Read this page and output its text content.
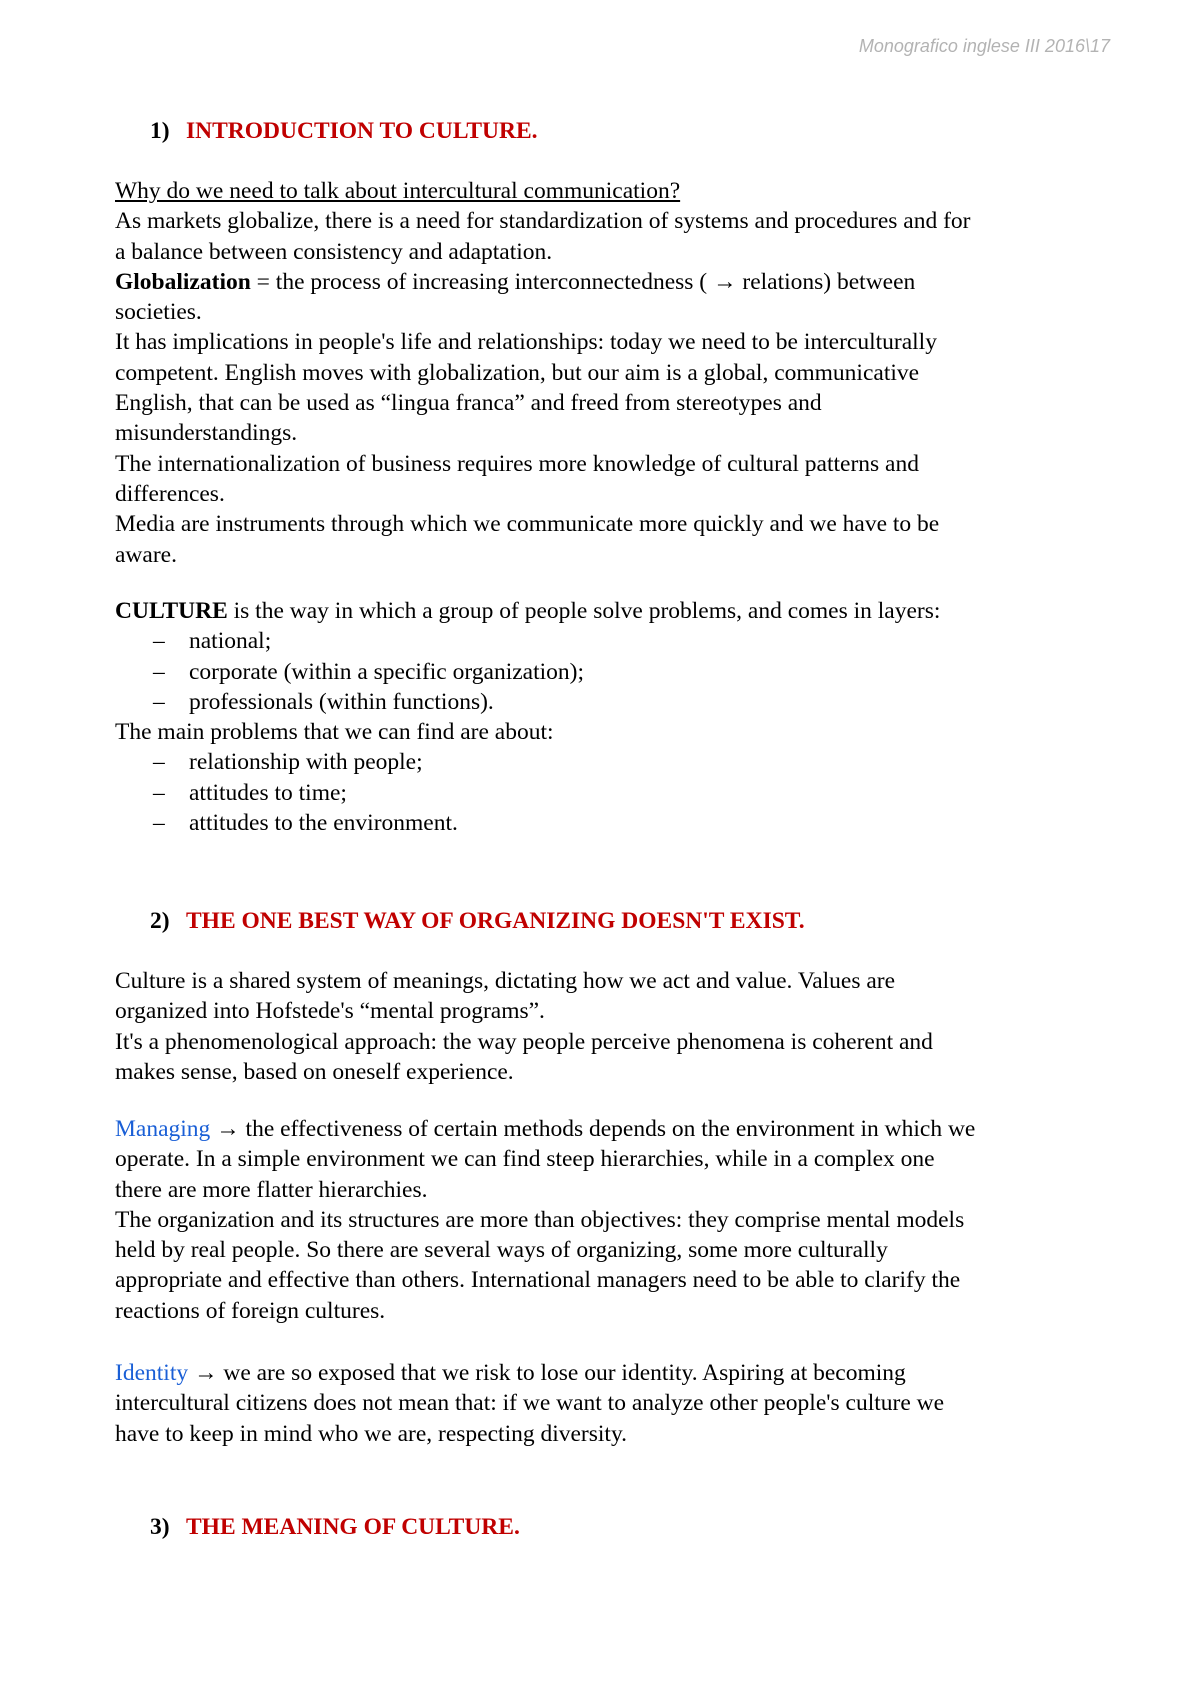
Monografico inglese III 2016\17
1) INTRODUCTION TO CULTURE.

Why do we need to talk about intercultural communication?

As markets globalize, there is a need for standardization of systems and procedures and for

a balance between consistency and adaptation.

Globalization = the process of increasing interconnectedness ( → relations) between

societies.

It has implications in people's life and relationships: today we need to be interculturally

competent. English moves with globalization, but our aim is a global, communicative

English, that can be used as “lingua franca” and freed from stereotypes and

misunderstandings.

The internationalization of business requires more knowledge of cultural patterns and

differences.

Media are instruments through which we communicate more quickly and we have to be

aware.

CULTURE is the way in which a group of people solve problems, and comes in layers:

– national;
– corporate (within a specific organization);
– professionals (within functions).

The main problems that we can find are about:

– relationship with people;
– attitudes to time;
– attitudes to the environment.
2) THE ONE BEST WAY OF ORGANIZING DOESN'T EXIST.

Culture is a shared system of meanings, dictating how we act and value. Values are

organized into Hofstede's “mental programs”.

It's a phenomenological approach: the way people perceive phenomena is coherent and

makes sense, based on oneself experience.

Managing → the effectiveness of certain methods depends on the environment in which we

operate. In a simple environment we can find steep hierarchies, while in a complex one

there are more flatter hierarchies.

The organization and its structures are more than objectives: they comprise mental models

held by real people. So there are several ways of organizing, some more culturally

appropriate and effective than others. International managers need to be able to clarify the

reactions of foreign cultures.

Identity → we are so exposed that we risk to lose our identity. Aspiring at becoming

intercultural citizens does not mean that: if we want to analyze other people's culture we

have to keep in mind who we are, respecting diversity.

3) THE MEANING OF CULTURE.
